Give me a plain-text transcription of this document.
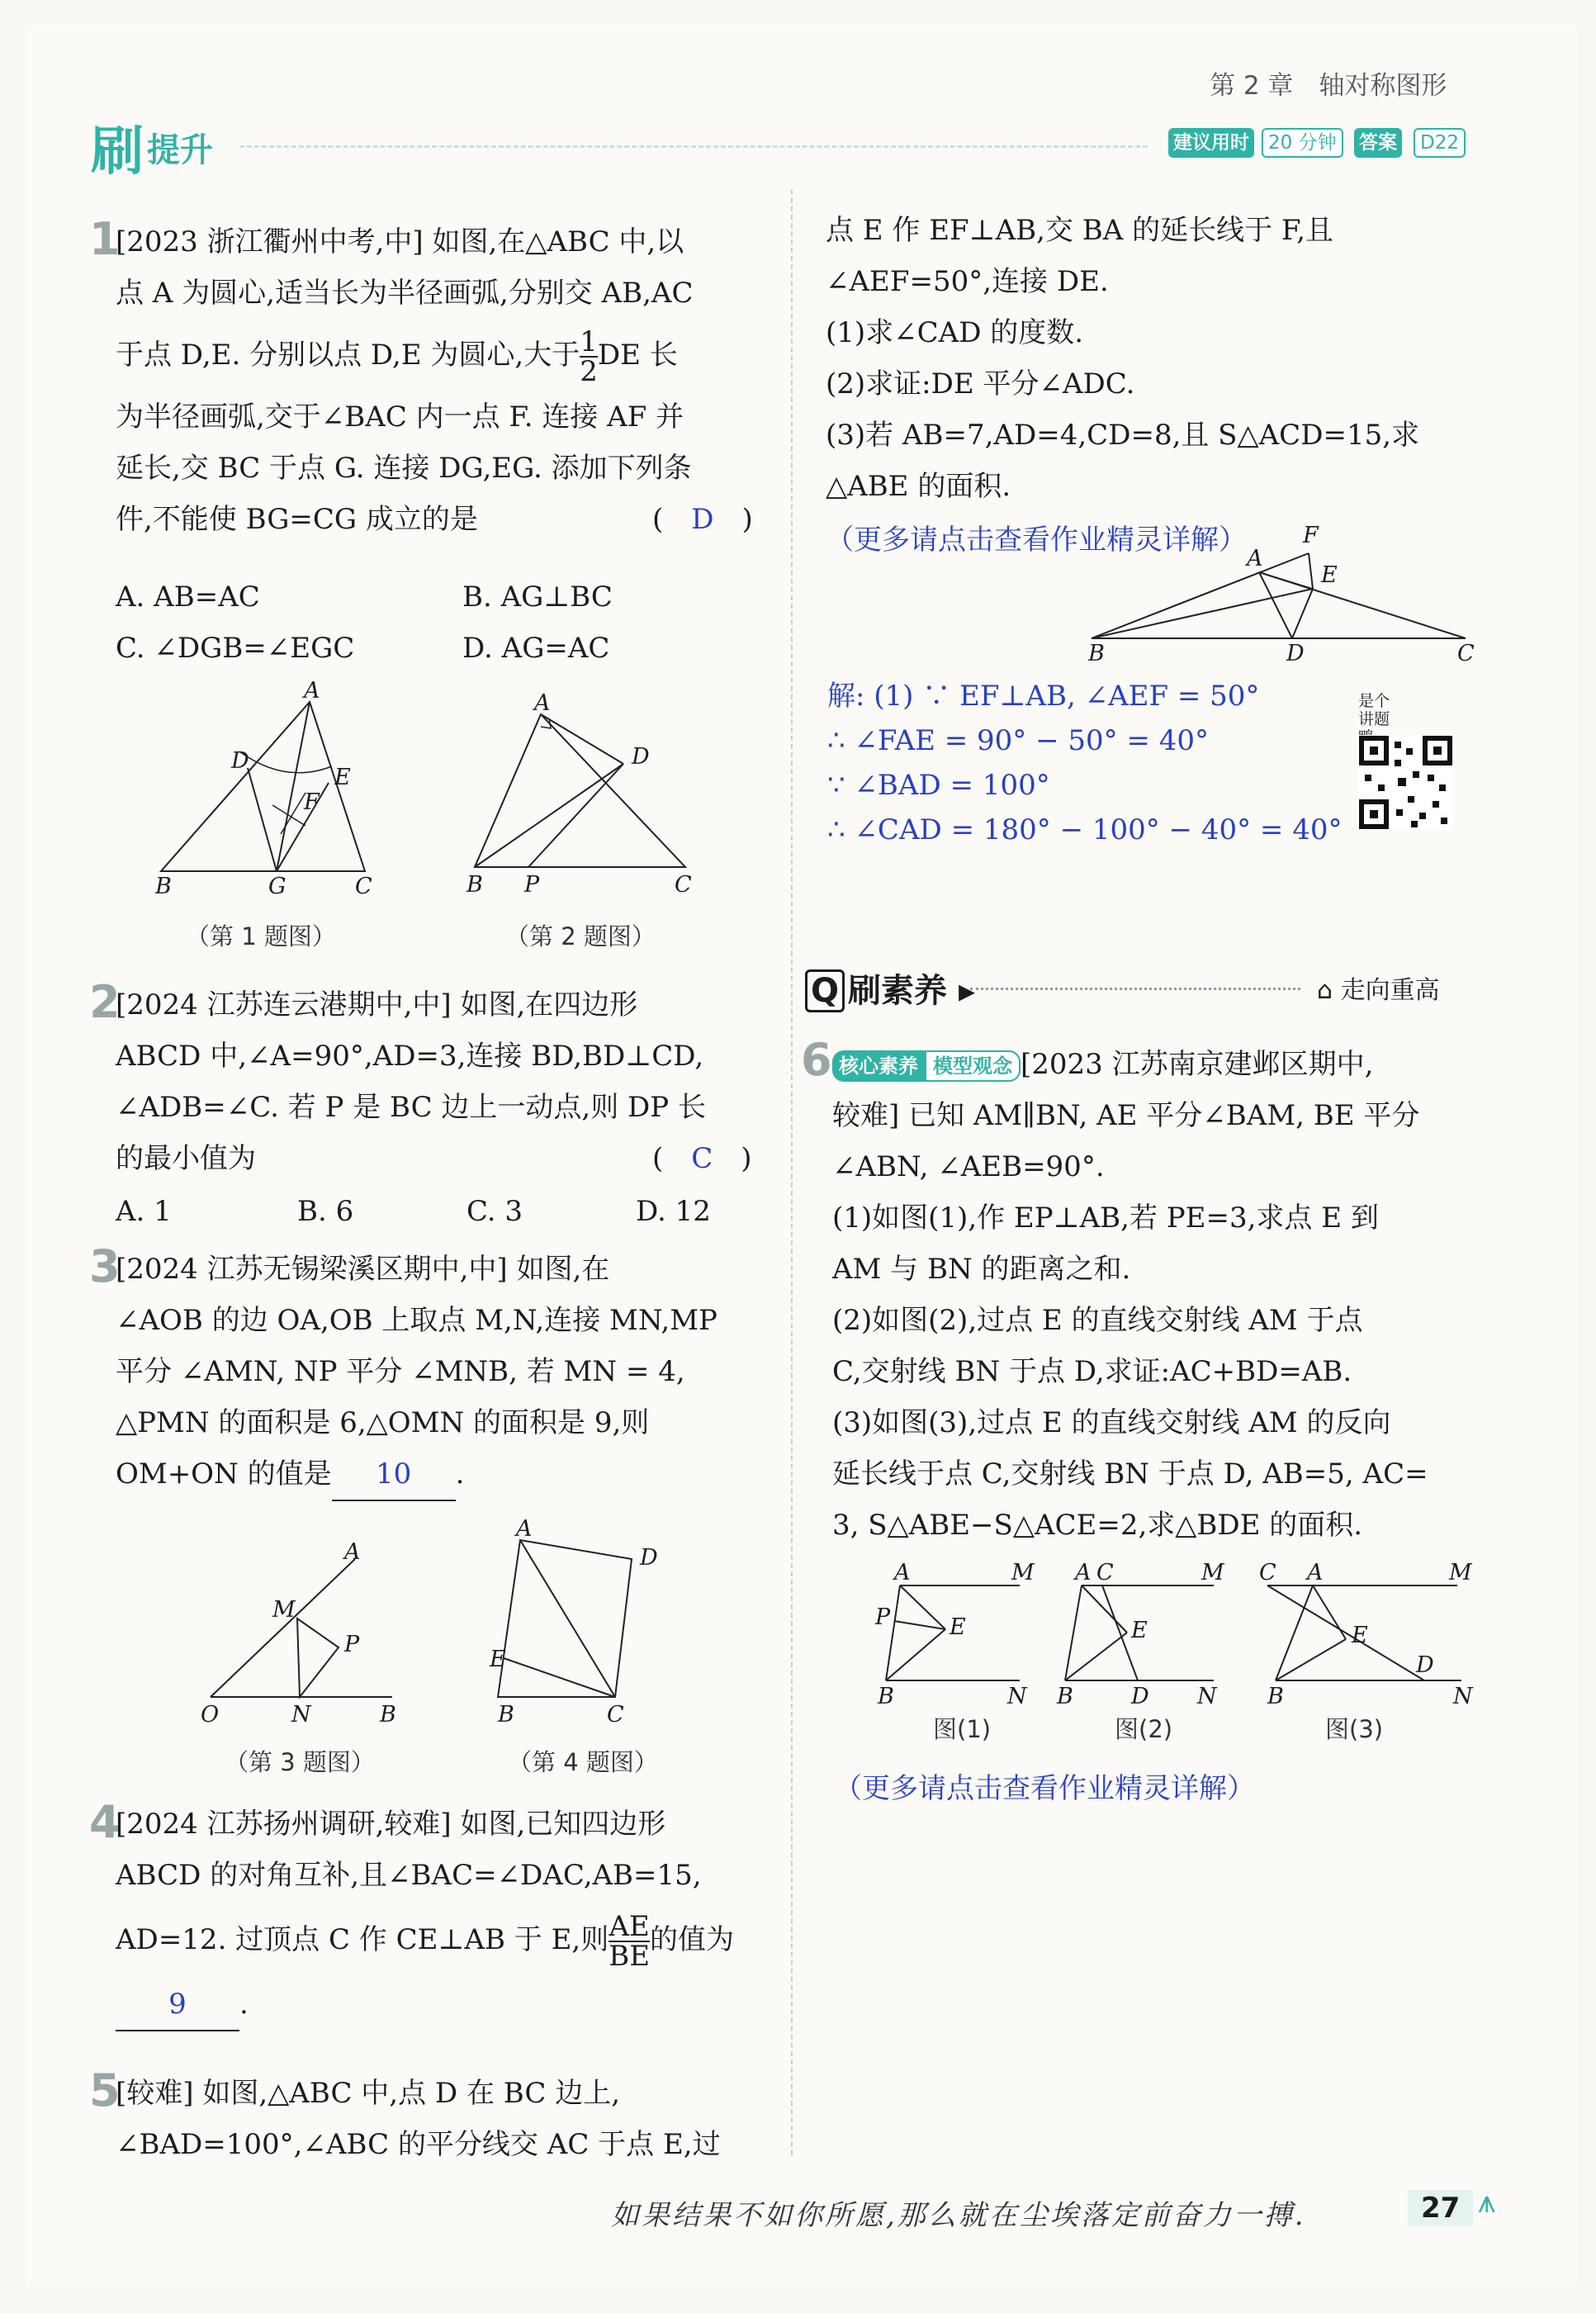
第 2 章　轴对称图形
刷 提升	建议用时	20 分钟	答案	D22
1
[2023 浙江衢州中考,中] 如图,在△ABC 中,以
点 A 为圆心,适当长为半径画弧,分别交 AB,AC
于点 D,E. 分别以点 D,E 为圆心,大于 $\frac{1}{2}$ DE 长
为半径画弧,交于∠BAC 内一点 F. 连接 AF 并
延长,交 BC 于点 G. 连接 DG,EG. 添加下列条
件,不能使 BG=CG 成立的是	(　D　)
A. AB=AC	B. AG⊥BC
C. ∠DGB=∠EGC	D. AG=AC
A
D
E
F
B	G	C
A
D
B P	C
（第 1 题图）	（第 2 题图）
2
[2024 江苏连云港期中,中] 如图,在四边形
ABCD 中,∠A=90°,AD=3,连接 BD,BD⊥CD,
∠ADB=∠C. 若 P 是 BC 边上一动点,则 DP 长
的最小值为	(　C　)
A. 1	B. 6	C. 3	D. 12
3
[2024 江苏无锡梁溪区期中,中] 如图,在
∠AOB 的边 OA,OB 上取点 M,N,连接 MN,MP
平分 ∠AMN, NP 平分 ∠MNB, 若 MN = 4,
△PMN 的面积是 6,△OMN 的面积是 9,则
OM+ON 的值是 10 .
A
M
P
O	N	B
A
D
E
B	C
（第 3 题图）	（第 4 题图）
4
[2024 江苏扬州调研,较难] 如图,已知四边形
ABCD 的对角互补,且∠BAC=∠DAC,AB=15,
AD=12. 过顶点 C 作 CE⊥AB 于 E,则 $\frac{AE}{BE}$ 的值为
9 .
5
[较难] 如图,△ABC 中,点 D 在 BC 边上,
∠BAD=100°,∠ABC 的平分线交 AC 于点 E,过
点 E 作 EF⊥AB,交 BA 的延长线于 F,且
∠AEF=50°,连接 DE.
(1)求∠CAD 的度数.
(2)求证:DE 平分∠ADC.
(3)若 AB=7,AD=4,CD=8,且 S△ACD=15,求
△ABE 的面积.
（更多请点击查看作业精灵详解）	F
A
E
B	D	C
解: (1) ∵ EF⊥AB, ∠AEF = 50°
∴ ∠FAE = 90° − 50° = 40°
∵ ∠BAD = 100°
∴ ∠CAD = 180° − 100° − 40° = 40°
是个讲题
Q 刷素养 ▸	⌂ 走向重高
6 核心素养 模型观念 [2023 江苏南京建邺区期中,
较难] 已知 AM∥BN, AE 平分∠BAM, BE 平分
∠ABN, ∠AEB=90°.
(1)如图(1),作 EP⊥AB,若 PE=3,求点 E 到
AM 与 BN 的距离之和.
(2)如图(2),过点 E 的直线交射线 AM 于点
C,交射线 BN 于点 D,求证:AC+BD=AB.
(3)如图(3),过点 E 的直线交射线 AM 的反向
延长线于点 C,交射线 BN 于点 D, AB=5, AC=
3, S△ABE−S△ACE=2,求△BDE 的面积.
A	M
P	E
B	N
A C	M
E
B	D N
C A	M
E
B
D
N
图(1)	图(2)	图(3)
（更多请点击查看作业精灵详解）
如果结果不如你所愿,那么就在尘埃落定前奋力一搏.	27 ⩚
